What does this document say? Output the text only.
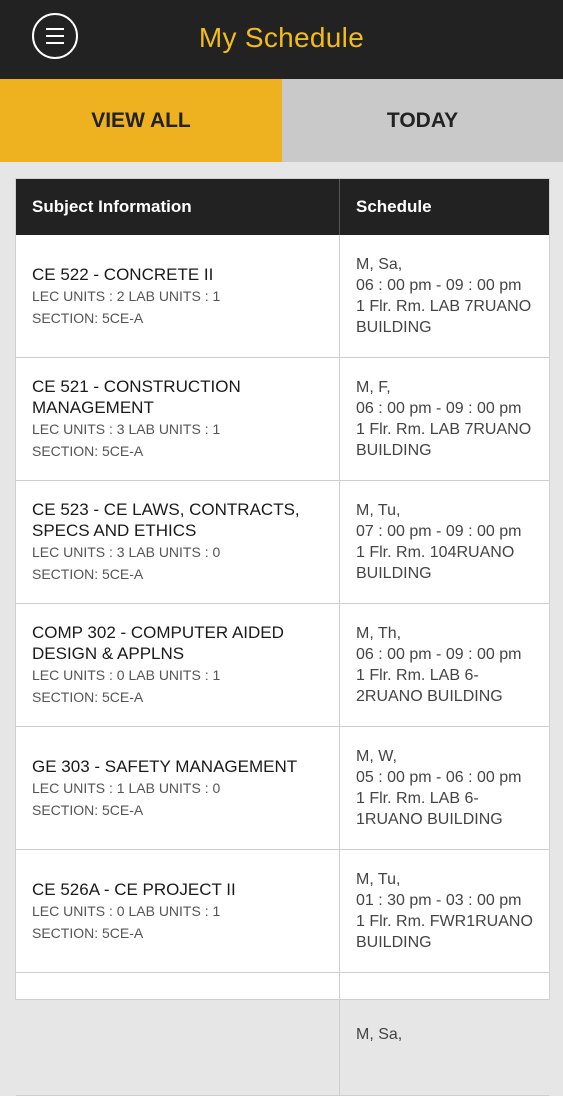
My Schedule
VIEW ALL	TODAY
Subject Information	Schedule
CE 522 - CONCRETE II
LEC UNITS : 2 LAB UNITS : 1
SECTION: 5CE-A
M, Sa,
06 : 00 pm - 09 : 00 pm
1 Flr. Rm. LAB 7RUANO BUILDING
CE 521 - CONSTRUCTION MANAGEMENT
LEC UNITS : 3 LAB UNITS : 1
SECTION: 5CE-A
M, F,
06 : 00 pm - 09 : 00 pm
1 Flr. Rm. LAB 7RUANO BUILDING
CE 523 - CE LAWS, CONTRACTS, SPECS AND ETHICS
LEC UNITS : 3 LAB UNITS : 0
SECTION: 5CE-A
M, Tu,
07 : 00 pm - 09 : 00 pm
1 Flr. Rm. 104RUANO BUILDING
COMP 302 - COMPUTER AIDED DESIGN & APPLNS
LEC UNITS : 0 LAB UNITS : 1
SECTION: 5CE-A
M, Th,
06 : 00 pm - 09 : 00 pm
1 Flr. Rm. LAB 6-2RUANO BUILDING
GE 303 - SAFETY MANAGEMENT
LEC UNITS : 1 LAB UNITS : 0
SECTION: 5CE-A
M, W,
05 : 00 pm - 06 : 00 pm
1 Flr. Rm. LAB 6-1RUANO BUILDING
CE 526A - CE PROJECT II
LEC UNITS : 0 LAB UNITS : 1
SECTION: 5CE-A
M, Tu,
01 : 30 pm - 03 : 00 pm
1 Flr. Rm. FWR1RUANO BUILDING
M, Sa,
